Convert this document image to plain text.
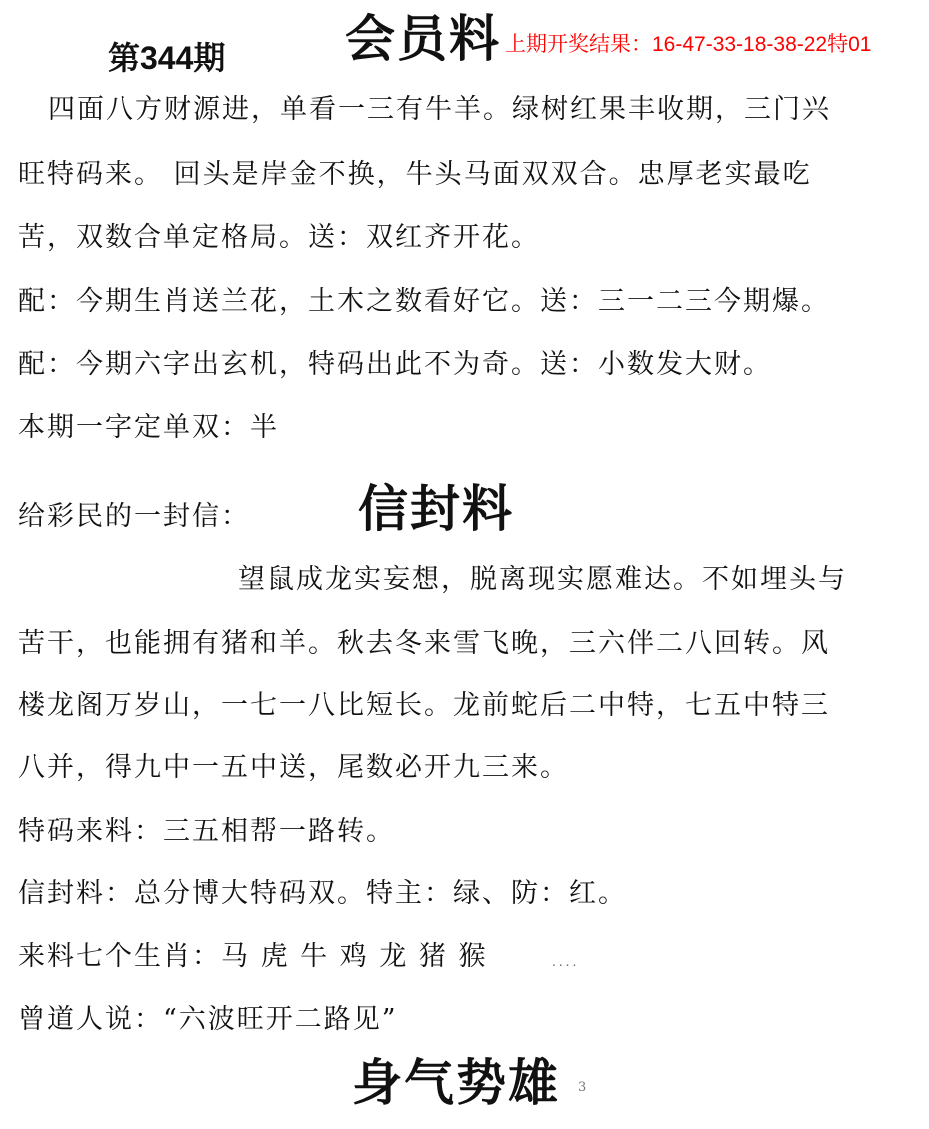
第344期 会员料 上期开奖结果：16-47-33-18-38-22特01
四面八方财源进，单看一三有牛羊。绿树红果丰收期，三门兴
旺特码来。 回头是岸金不换，牛头马面双双合。忠厚老实最吃
苦，双数合单定格局。送：双红齐开花。
配：今期生肖送兰花，土木之数看好它。送：三一二三今期爆。
配：今期六字出玄机，特码出此不为奇。送：小数发大财。
本期一字定单双：半
给彩民的一封信： 信封料
望鼠成龙实妄想，脱离现实愿难达。不如埋头与
苦干，也能拥有猪和羊。秋去冬来雪飞晚，三六伴二八回转。风
楼龙阁万岁山，一七一八比短长。龙前蛇后二中特，七五中特三
八并，得九中一五中送，尾数必开九三来。
特码来料：三五相帮一路转。
信封料：总分博大特码双。特主：绿、防：红。
来料七个生肖：马 虎 牛 鸡 龙 猪 猴	....
曾道人说：“六波旺开二路见”
身气势雄 3
